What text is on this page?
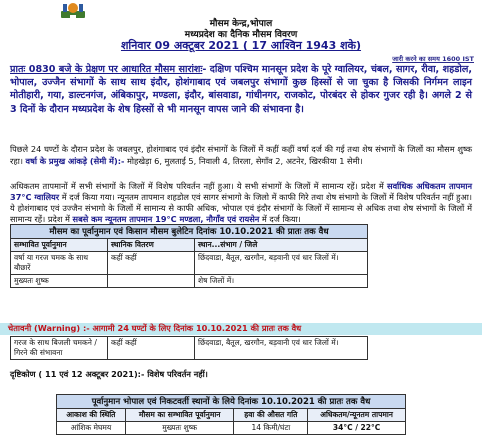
मौसम केन्द्र,भोपाल
मध्यप्रदेश का दैनिक मौसम विवरण
शनिवार 09 अक्टूबर 2021 ( 17 आश्विन 1943 शके)
जारी करने का समय 1600 IST
प्रातः 0830 बजे के प्रेक्षण पर आधारित मौसम सारांशः- दक्षिण पश्चिम मानसून प्रदेश के पूरे ग्वालियर, चंबल, सागर, रीवा, शहडोल, भोपाल, उज्जैन संभागों के साथ साथ इंदौर, होशंगाबाद एवं जबलपुर संभागों कुछ हिस्सों से जा चुका है जिसकी निर्गमन लाइन मोतीहारी, गया, डाल्टनगंज, अंबिकापुर, मण्डला, इंदौर, बांसवाडा, गांधीनगर, राजकोट, पोरबंदर से होकर गुजर रही है। अगले 2 से 3 दिनों के दौरान मध्यप्रदेश के शेष हिस्सों से भी मानसून वापस जाने की संभावना है।
पिछले 24 घण्टों के दौरान प्रदेश के जबलपुर, होशंगाबाद एवं इंदौर संभागों के जिलों में कहीं कहीं वर्षा दर्ज की गई तथा शेष संभागों के जिलों का मौसम शुष्क रहा। वर्षा के प्रमुख आंकड़े (सेमी में):- मोहखेड़ा 6, मुलताई 5, निवाली 4, तिरला, सेगाँव 2, अटनेर, खिरकीया 1 सेमी।
अधिकतम तापमानों में सभी संभागों के जिलों में विशेष परिवर्तन नहीं हुआ। ये सभी संभागों के जिलों में सामान्य रहें। प्रदेश में सर्वाधिक अधिकतम तापमान 37°C ग्वालियर में दर्ज किया गया। न्यूनतम तापमान शहडोल एवं सागर संभागो के जिलो में काफी गिरे तथा शेष संभागो के जिलों में विशेष परिवर्तन नहीं हुआ। ये होशंगाबाद एवं उज्जैन संभागो के जिलों में सामान्य से काफी अधिक, भोपाल एवं इंदौर संभागों के जिलों में सामान्य से अधिक तथा शेष संभागों के जिलों में सामान्य रहें। प्रदेश में सबसे कम न्यूनतम तापमान 19°C मण्डला, नौगाँव एवं रायसेन में दर्ज किया।
मौसम का पूर्वानुमान एवं किसान मौसम बुलेटिन दिनांक 10.10.2021 की प्रातः तक वैध		
सम्भावित पूर्वानुमान	स्थानिक वितरण	स्थान...संभाग / जिले
वर्षा या गरज चमक के साथ बौछारें	कहीं कहीं	छिंदवाडा, बैतूल, खरगौन, बड़वानी एवं धार जिलों में।
मुख्यतः शुष्क		शेष जिलों में।
चेतावनी (Warning) :- आगामी 24 घण्टों के लिए दिनांक 10.10.2021 की प्रातः तक वैध
गरज के साथ बिजली चमकने / गिरने की संभावना	कहीं कहीं	छिंदवाडा, बैतूल, खरगौन, बड़वानी एवं धार जिलों में।
दृष्टिकोण ( 11 एवं 12 अक्टूबर 2021):- विशेष परिवर्तन नहीं।
पूर्वानुमान भोपाल एवं निकटवर्ती स्थानों के लिये दिनांक 10.10.2021 की प्रातः तक वैध			
आकाश की स्थिति	मौसम का सम्भावित पूर्वानुमान	हवा की औसत गति	अधिकतम/न्यूनतम तापमान
आंशिक मेघमय	मुख्यतः शुष्क	14 किमी/घंटा	34°C / 22°C
